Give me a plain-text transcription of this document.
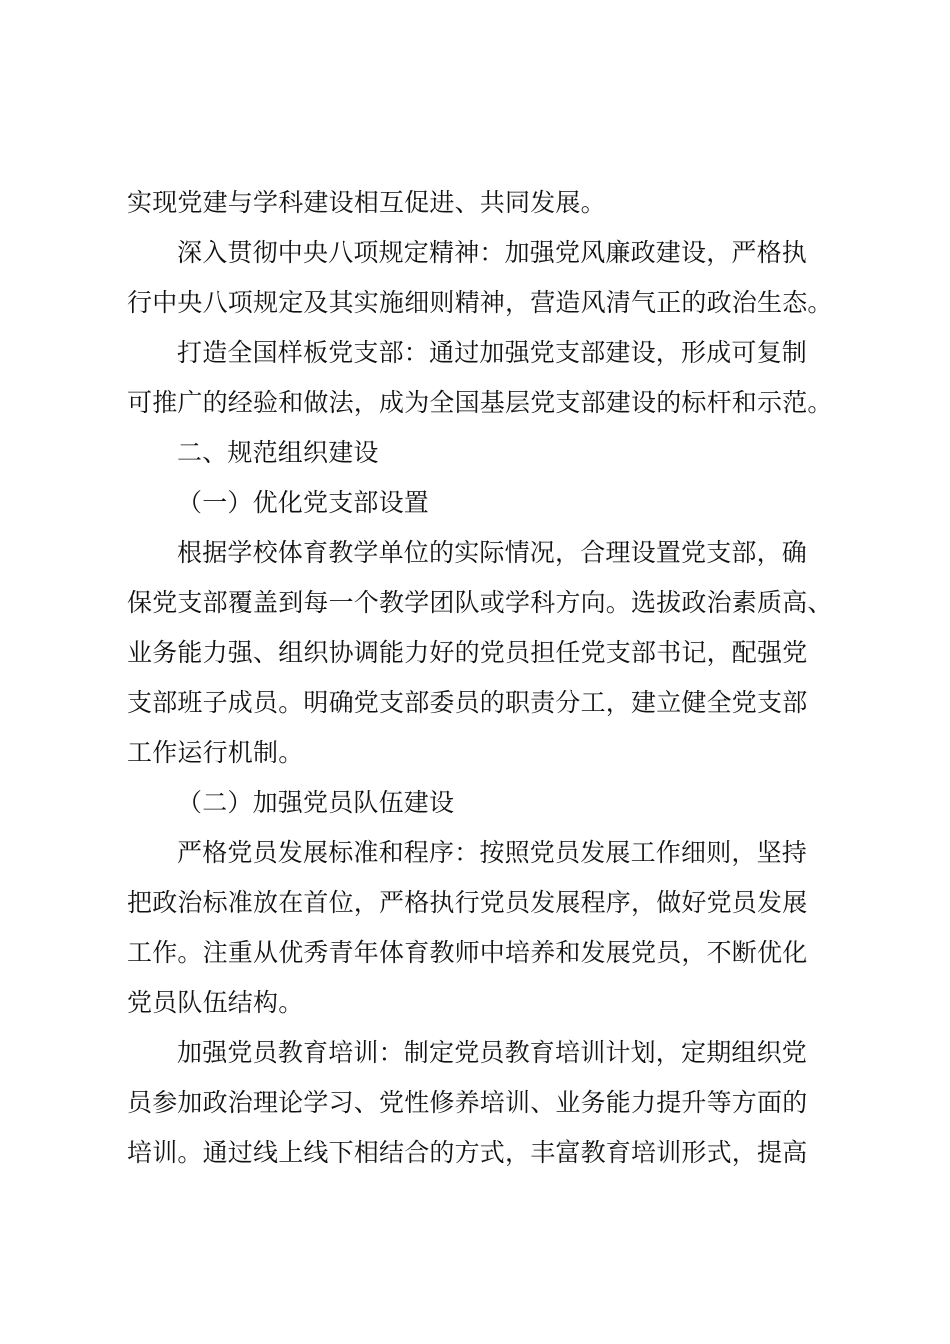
实现党建与学科建设相互促进、共同发展。
深入贯彻中央八项规定精神：加强党风廉政建设，严格执
行中央八项规定及其实施细则精神，营造风清气正的政治生态。
打造全国样板党支部：通过加强党支部建设，形成可复制
可推广的经验和做法，成为全国基层党支部建设的标杆和示范。
二、规范组织建设
（一）优化党支部设置
根据学校体育教学单位的实际情况，合理设置党支部，确
保党支部覆盖到每一个教学团队或学科方向。选拔政治素质高、
业务能力强、组织协调能力好的党员担任党支部书记，配强党
支部班子成员。明确党支部委员的职责分工，建立健全党支部
工作运行机制。
（二）加强党员队伍建设
严格党员发展标准和程序：按照党员发展工作细则，坚持
把政治标准放在首位，严格执行党员发展程序，做好党员发展
工作。注重从优秀青年体育教师中培养和发展党员，不断优化
党员队伍结构。
加强党员教育培训：制定党员教育培训计划，定期组织党
员参加政治理论学习、党性修养培训、业务能力提升等方面的
培训。通过线上线下相结合的方式，丰富教育培训形式，提高
